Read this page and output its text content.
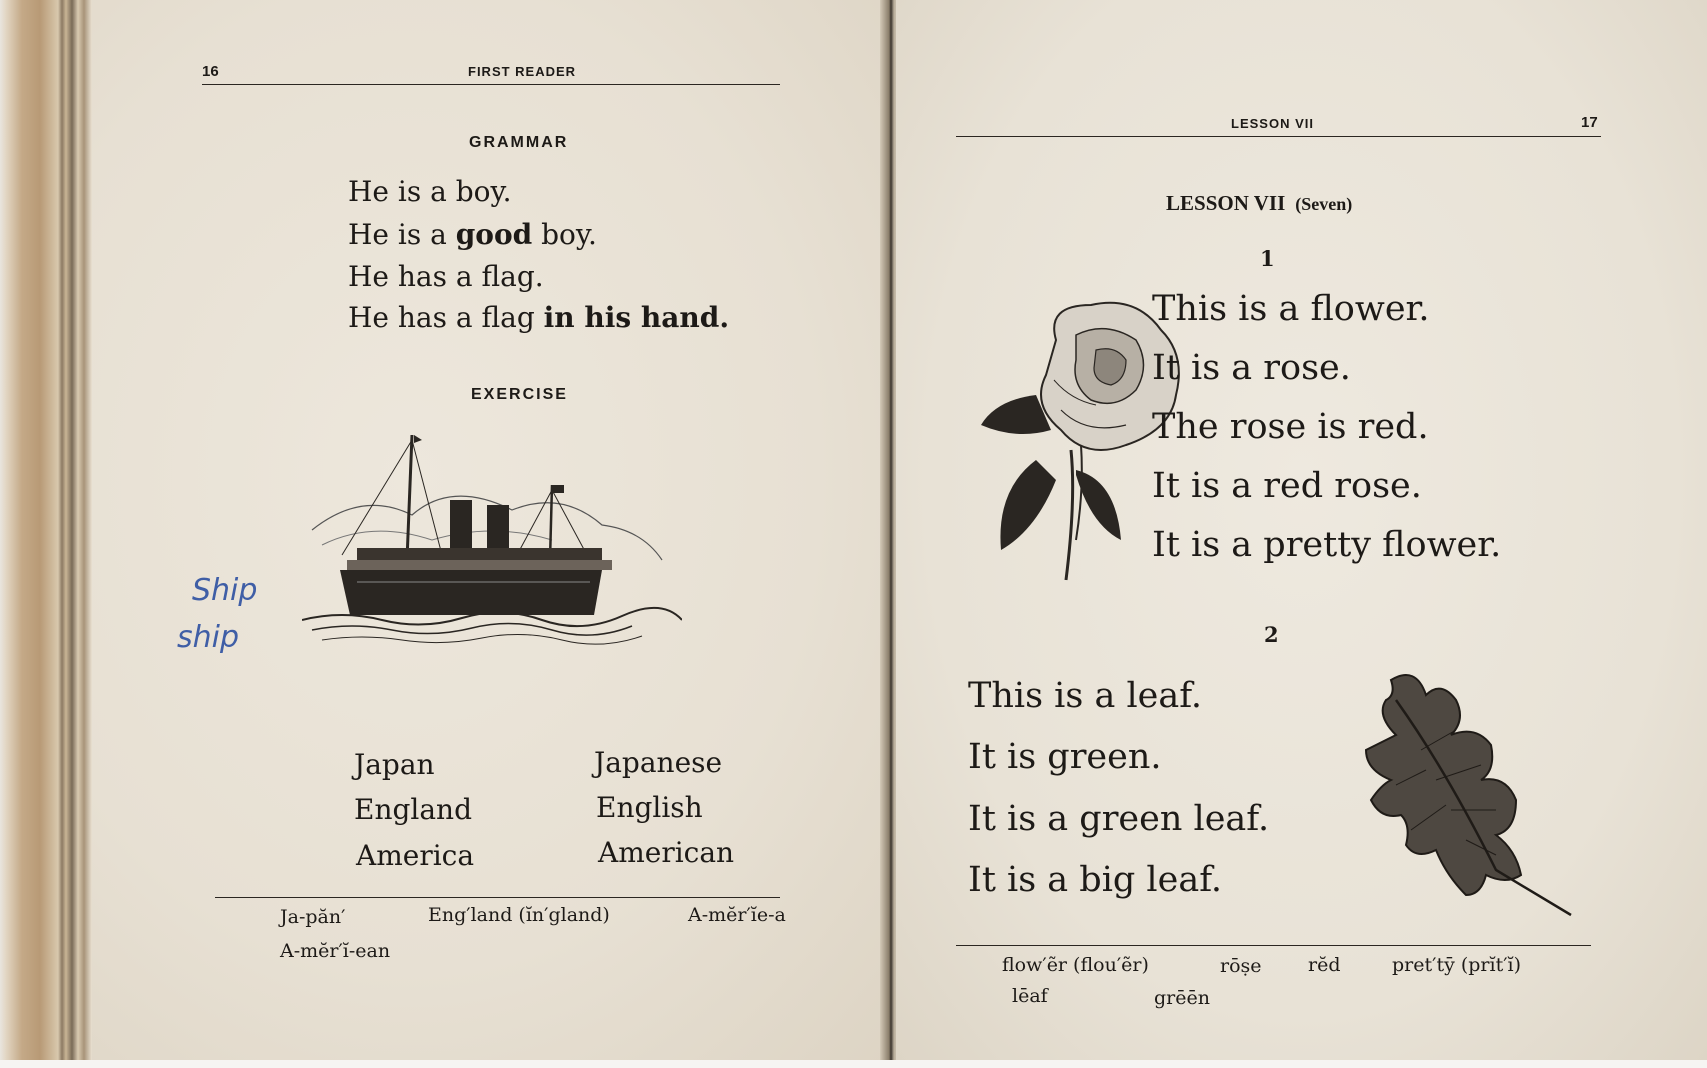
16	FIRST READER
GRAMMAR
He is a boy.
He is a good boy.
He has a flag.
He has a flag in his hand.
EXERCISE
Ship
ship
Japan	Japanese
England	English
America	American
Ja-păn′	Eng′land (ĭn′gland)	A-mĕr′ĭe-a
A-mĕr′ĭ-ean
LESSON VII	17
LESSON VII (Seven)
1
This is a flower.
It is a rose.
The rose is red.
It is a red rose.
It is a pretty flower.
2
This is a leaf.
It is green.
It is a green leaf.
It is a big leaf.
flow′ẽr (flou′ẽr)	rōṣe rĕd	pret′tȳ (prĭt′ĭ)
lēaf	grēēn
